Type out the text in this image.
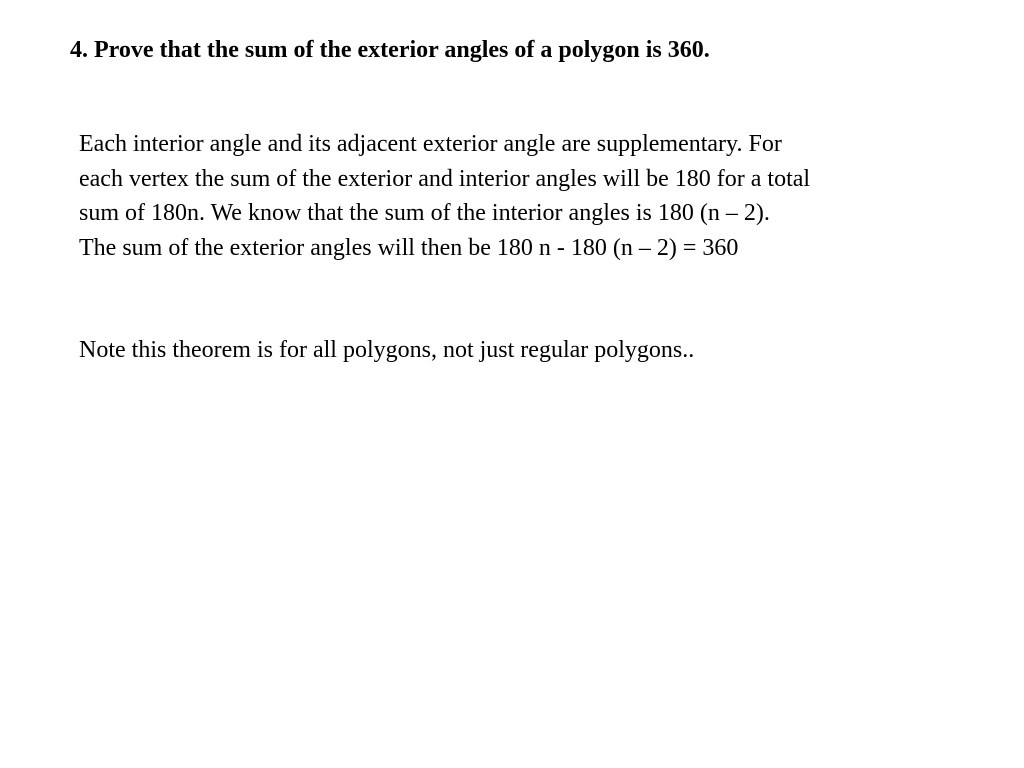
4. Prove that the sum of the exterior angles of a polygon is 360.

Each interior angle and its adjacent exterior angle are supplementary. For
each vertex the sum of the exterior and interior angles will be 180 for a total
sum of 180n. We know that the sum of the interior angles is 180 (n – 2).
The sum of the exterior angles will then be 180 n - 180 (n – 2) = 360

Note this theorem is for all polygons, not just regular polygons..
